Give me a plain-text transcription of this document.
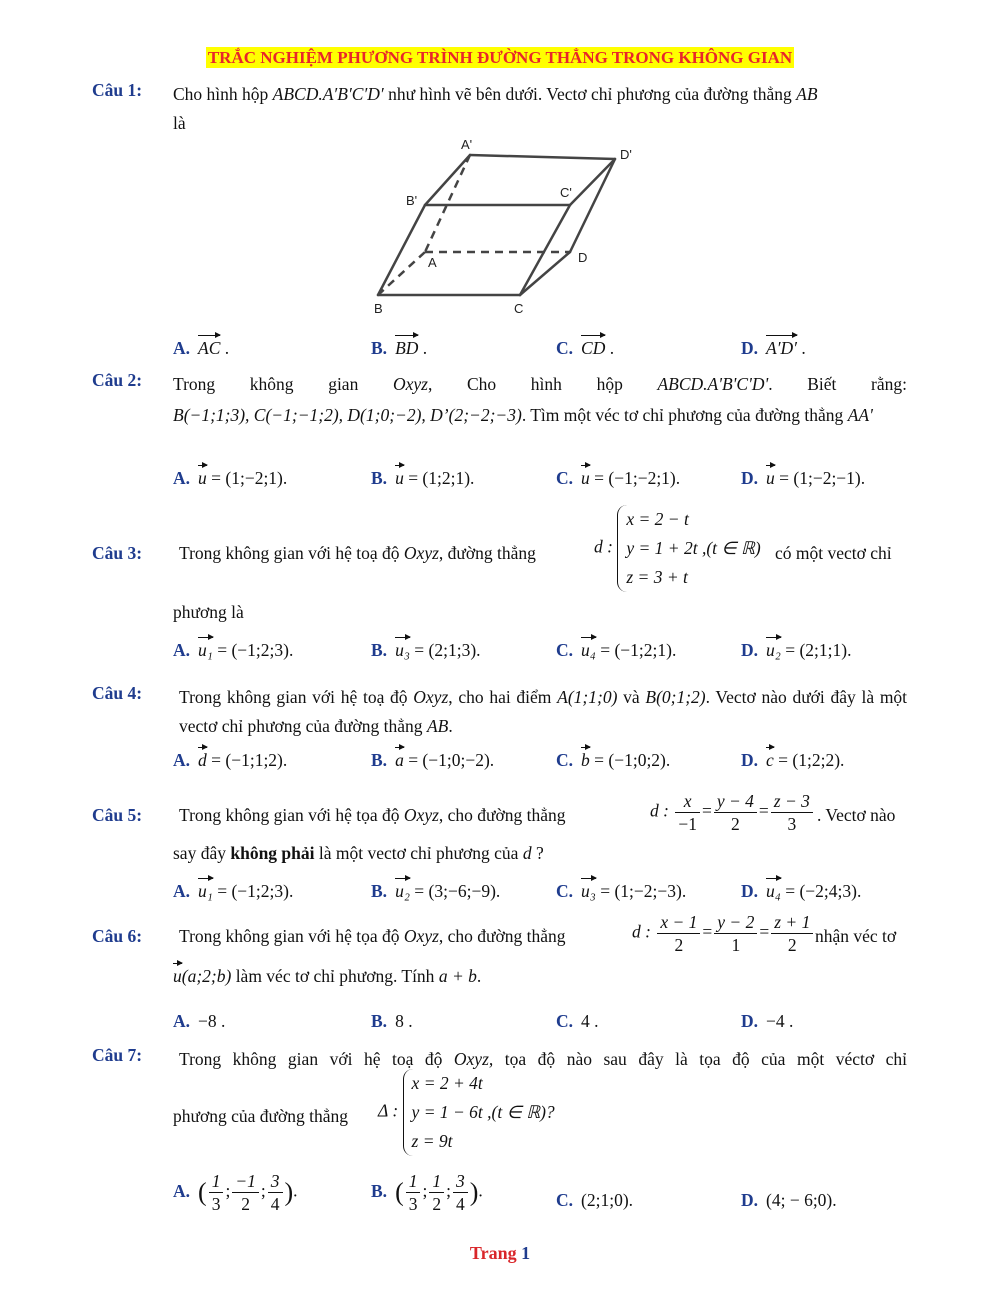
TRẮC NGHIỆM PHƯƠNG TRÌNH ĐƯỜNG THẲNG TRONG KHÔNG GIAN
Câu 1: Cho hình hộp ABCD.A′B′C′D′ như hình vẽ bên dưới. Vectơ chỉ phương của đường thẳng AB
là
A'
D'
B'
C'
A	D
B	C
A. AC .	B. BD .	C. CD .	D. A′D′ .
Câu 2: Trong không gian Oxyz, Cho hình hộp ABCD.A'B'C'D'. Biết rằng:
B(−1;1;3), C(−1;−1;2), D(1;0;−2), D’(2;−2;−3). Tìm một véc tơ chỉ phương của đường thẳng AA'
A. u = (1;−2;1).	B. u = (1;2;1).	C. u = (−1;−2;1).	D. u = (1;−2;−1).
Câu 3: Trong không gian với hệ toạ độ Oxyz, đường thẳng	d :
x = 2 − t
y = 1 + 2t ,(t ∈ ℝ)
z = 3 + t
có một vectơ chỉ
phương là
A. u₁ = (−1;2;3).	B. u₃ = (2;1;3).	C. u₄ = (−1;2;1).	D. u₂ = (2;1;1).
Câu 4: Trong không gian với hệ toạ độ Oxyz, cho hai điểm A(1;1;0) và B(0;1;2). Vectơ nào dưới đây là một vectơ chỉ phương của đường thẳng AB.
A. d = (−1;1;2).	B. a = (−1;0;−2).	C. b = (−1;0;2).	D. c = (1;2;2).
Câu 5: Trong không gian với hệ tọa độ Oxyz, cho đường thẳng	d : $\frac{x}{-1} = \frac{y - 4}{2} = \frac{z - 3}{3}$ . Vectơ nào
say đây không phải là một vectơ chỉ phương của d ?
A. u₁ = (−1;2;3).	B. u₂ = (3;−6;−9).	C. u₃ = (1;−2;−3).	D. u₄ = (−2;4;3).
Câu 6: Trong không gian với hệ tọa độ Oxyz, cho đường thẳng	d : $\frac{x - 1}{2} = \frac{y - 2}{1} = \frac{z + 1}{2}$ nhận véc tơ
u(a;2;b) làm véc tơ chỉ phương. Tính a + b.
A. −8 .	B. 8 .	C. 4 .	D. −4 .
Câu 7: Trong không gian với hệ toạ độ Oxyz, tọa độ nào sau đây là tọa độ của một véctơ chỉ
phương của đường thẳng Δ :
x = 2 + 4t
y = 1 − 6t ,(t ∈ ℝ)?
z = 9t
A. ( $\frac{1}{3}$ ; $\frac{-1}{2}$ ; $\frac{3}{4}$ ).	B. ( $\frac{1}{3}$ ; $\frac{1}{2}$ ; $\frac{3}{4}$ ).	C. (2;1;0).	D. (4; − 6;0).
Trang 1
